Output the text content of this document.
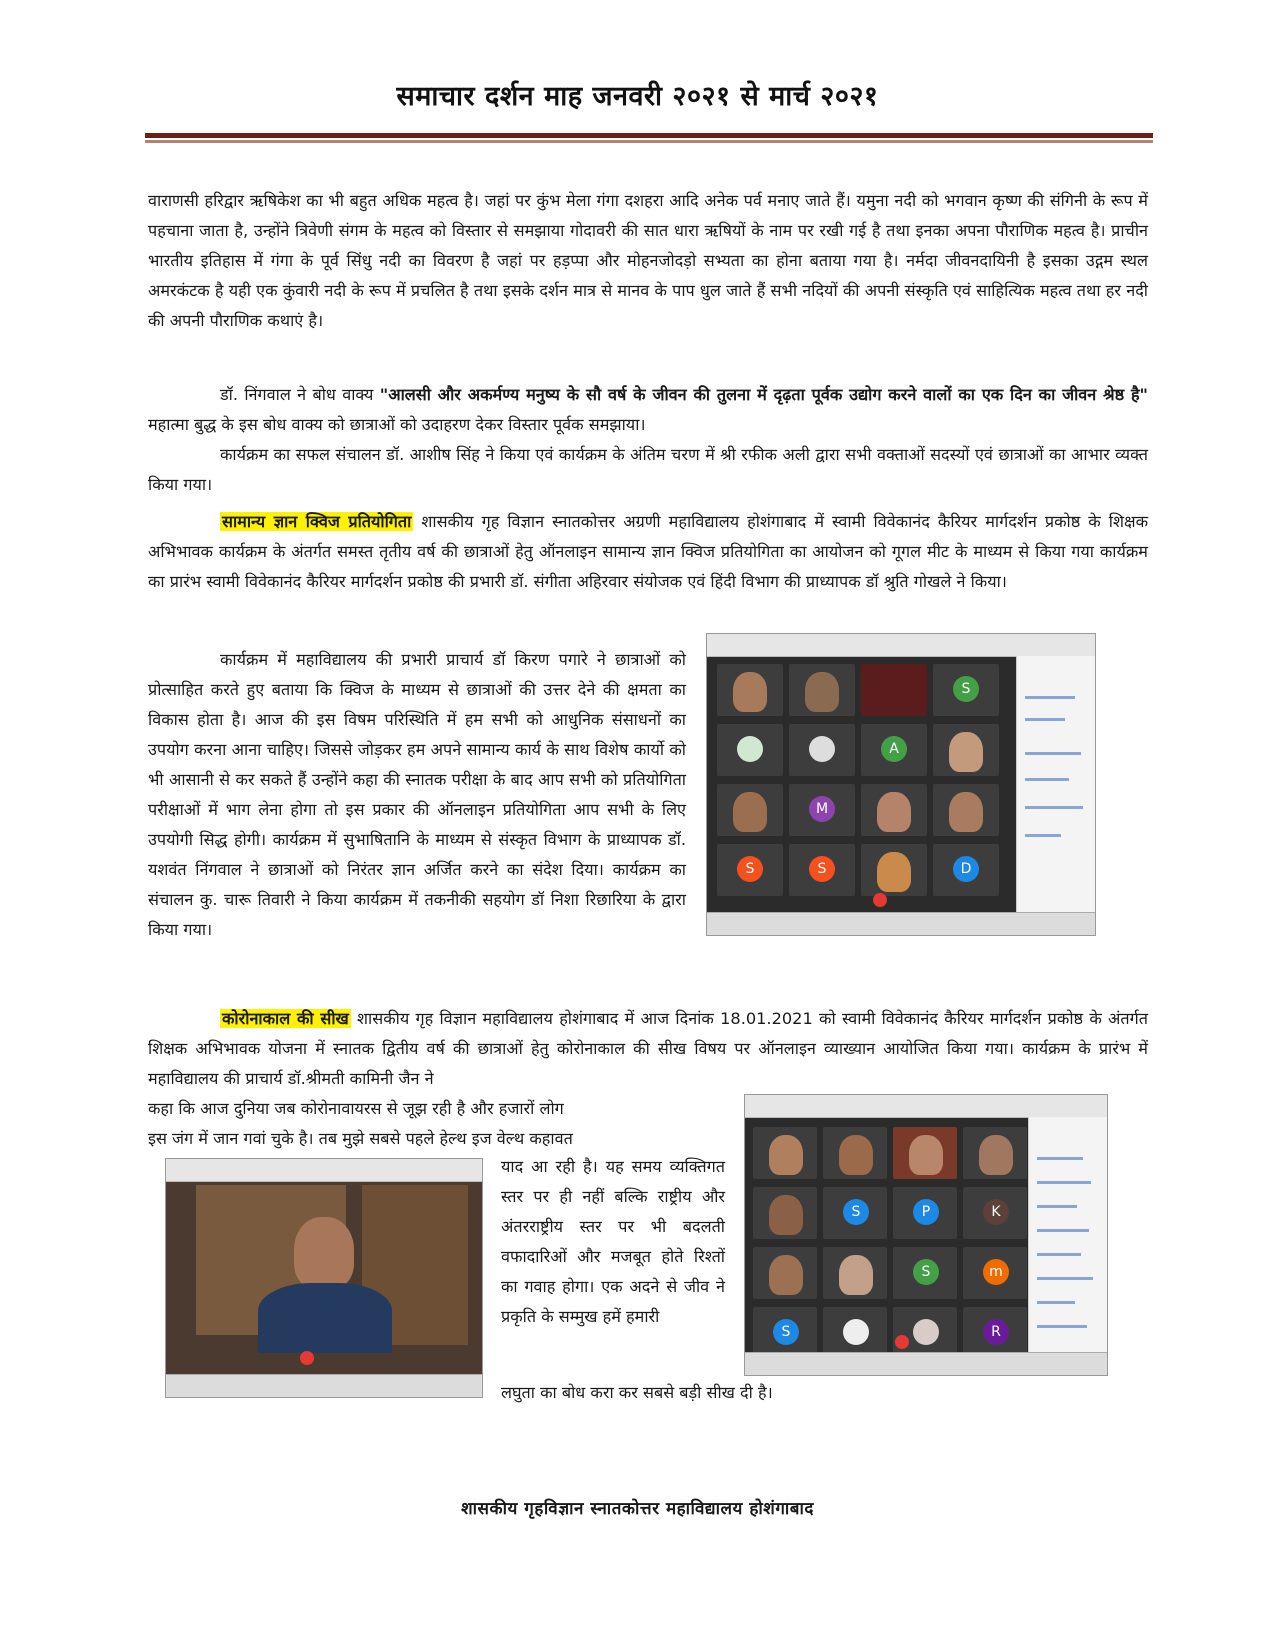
समाचार दर्शन माह जनवरी २०२१ से मार्च २०२१
वाराणसी हरिद्वार ऋषिकेश का भी बहुत अधिक महत्व है। जहां पर कुंभ मेला गंगा दशहरा आदि अनेक पर्व मनाए जाते हैं। यमुना नदी को भगवान कृष्ण की संगिनी के रूप में पहचाना जाता है, उन्होंने त्रिवेणी संगम के महत्व को विस्तार से समझाया गोदावरी की सात धारा ऋषियों के नाम पर रखी गई है तथा इनका अपना पौराणिक महत्व है। प्राचीन भारतीय इतिहास में गंगा के पूर्व सिंधु नदी का विवरण है जहां पर हड़प्पा और मोहनजोदड़ो सभ्यता का होना बताया गया है। नर्मदा जीवनदायिनी है इसका उद्गम स्थल अमरकंटक है यही एक कुंवारी नदी के रूप में प्रचलित है तथा इसके दर्शन मात्र से मानव के पाप धुल जाते हैं सभी नदियों की अपनी संस्कृति एवं साहित्यिक महत्व तथा हर नदी की अपनी पौराणिक कथाएं है।
डॉ. निंगवाल ने बोध वाक्य "आलसी और अकर्मण्य मनुष्य के सौ वर्ष के जीवन की तुलना में दृढ़ता पूर्वक उद्योग करने वालों का एक दिन का जीवन श्रेष्ठ है" महात्मा बुद्ध के इस बोध वाक्य को छात्राओं को उदाहरण देकर विस्तार पूर्वक समझाया।
कार्यक्रम का सफल संचालन डॉ. आशीष सिंह ने किया एवं कार्यक्रम के अंतिम चरण में श्री रफीक अली द्वारा सभी वक्ताओं सदस्यों एवं छात्राओं का आभार व्यक्त किया गया।
सामान्य ज्ञान क्विज प्रतियोगिता शासकीय गृह विज्ञान स्नातकोत्तर अग्रणी महाविद्यालय होशंगाबाद में स्वामी विवेकानंद कैरियर मार्गदर्शन प्रकोष्ठ के शिक्षक अभिभावक कार्यक्रम के अंतर्गत समस्त तृतीय वर्ष की छात्राओं हेतु ऑनलाइन सामान्य ज्ञान क्विज प्रतियोगिता का आयोजन को गूगल मीट के माध्यम से किया गया कार्यक्रम का प्रारंभ स्वामी विवेकानंद कैरियर मार्गदर्शन प्रकोष्ठ की प्रभारी डॉ. संगीता अहिरवार संयोजक एवं हिंदी विभाग की प्राध्यापक डॉ श्रुति गोखले ने किया।
कार्यक्रम में महाविद्यालय की प्रभारी प्राचार्य डॉ किरण पगारे ने छात्राओं को प्रोत्साहित करते हुए बताया कि क्विज के माध्यम से छात्राओं की उत्तर देने की क्षमता का विकास होता है। आज की इस विषम परिस्थिति में हम सभी को आधुनिक संसाधनों का उपयोग करना आना चाहिए। जिससे जोड़कर हम अपने सामान्य कार्य के साथ विशेष कार्यो को भी आसानी से कर सकते हैं उन्होंने कहा की स्नातक परीक्षा के बाद आप सभी को प्रतियोगिता परीक्षाओं में भाग लेना होगा तो इस प्रकार की ऑनलाइन प्रतियोगिता आप सभी के लिए उपयोगी सिद्ध होगी। कार्यक्रम में सुभाषितानि के माध्यम से संस्कृत विभाग के प्राध्यापक डॉ. यशवंत निंगवाल ने छात्राओं को निरंतर ज्ञान अर्जित करने का संदेश दिया। कार्यक्रम का संचालन कु. चारू तिवारी ने किया कार्यक्रम में तकनीकी सहयोग डॉ निशा रिछारिया के द्वारा किया गया।
S
A
M
S	S	D
कोरोनाकाल की सीख शासकीय गृह विज्ञान महाविद्यालय होशंगाबाद में आज दिनांक 18.01.2021 को स्वामी विवेकानंद कैरियर मार्गदर्शन प्रकोष्ठ के अंतर्गत शिक्षक अभिभावक योजना में स्नातक द्वितीय वर्ष की छात्राओं हेतु कोरोनाकाल की सीख विषय पर ऑनलाइन व्याख्यान आयोजित किया गया। कार्यक्रम के प्रारंभ में महाविद्यालय की प्राचार्य डॉ.श्रीमती कामिनी जैन ने
कहा कि आज दुनिया जब कोरोनावायरस से जूझ रही है और हजारों लोग
इस जंग में जान गवां चुके है। तब मुझे सबसे पहले हेल्थ इज वेल्थ कहावत
याद आ रही है। यह समय व्यक्तिगत स्तर पर ही नहीं बल्कि राष्ट्रीय और अंतरराष्ट्रीय स्तर पर भी बदलती वफादारिओं और मजबूत होते रिश्तों का गवाह होगा। एक अदने से जीव ने प्रकृति के सम्मुख हमें हमारी
S	P	K
S	m
S	R
लघुता का बोध करा कर सबसे बड़ी सीख दी है।
शासकीय गृहविज्ञान स्नातकोत्तर महाविद्यालय होशंगाबाद
